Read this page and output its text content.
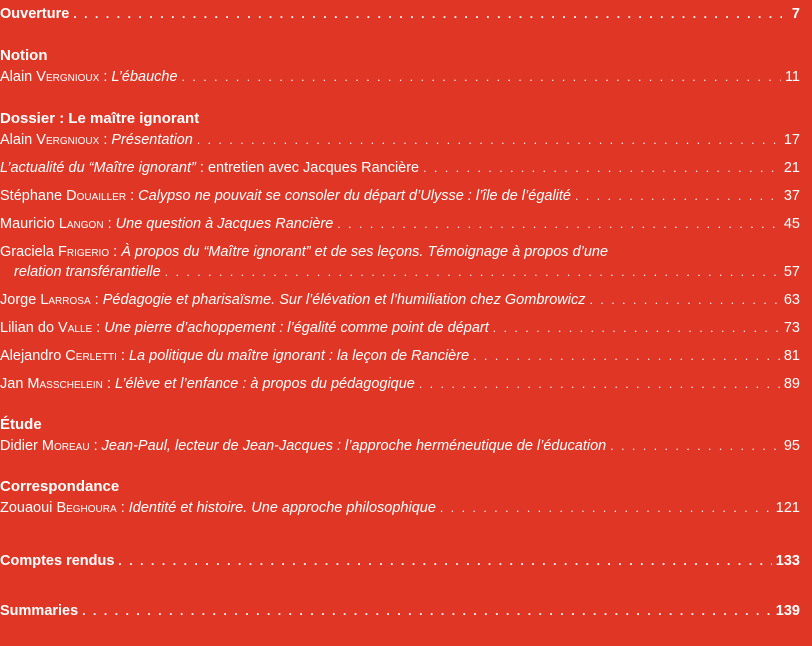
Ouverture . . .	7
Notion
Alain Vergnioux : L’ébauche . . .	11
Dossier : Le maître ignorant
Alain Vergnioux : Présentation . . .	17
L’actualité du “Maître ignorant” : entretien avec Jacques Rancière . . .	21
Stéphane Douailler : Calypso ne pouvait se consoler du départ d’Ulysse : l’île de l’égalité . . .	37
Mauricio Langon : Une question à Jacques Rancière . . .	45
Graciela Frigerio : À propos du “Maître ignorant” et de ses leçons. Témoignage à propos d’une
relation transférantielle . . .	57
Jorge Larrosa : Pédagogie et pharisaïsme. Sur l’élévation et l’humiliation chez Gombrowicz . . .	63
Lilian do Valle : Une pierre d’achoppement : l’égalité comme point de départ . . .	73
Alejandro Cerletti : La politique du maître ignorant : la leçon de Rancière . . .	81
Jan Masschelein : L’élève et l’enfance : à propos du pédagogique . . .	89
Étude
Didier Moreau : Jean-Paul, lecteur de Jean-Jacques : l’approche herméneutique de l’éducation . . .	95
Correspondance
Zouaoui Beghoura : Identité et histoire. Une approche philosophique . . .	121
Comptes rendus . . .	133
Summaries . . .	139
